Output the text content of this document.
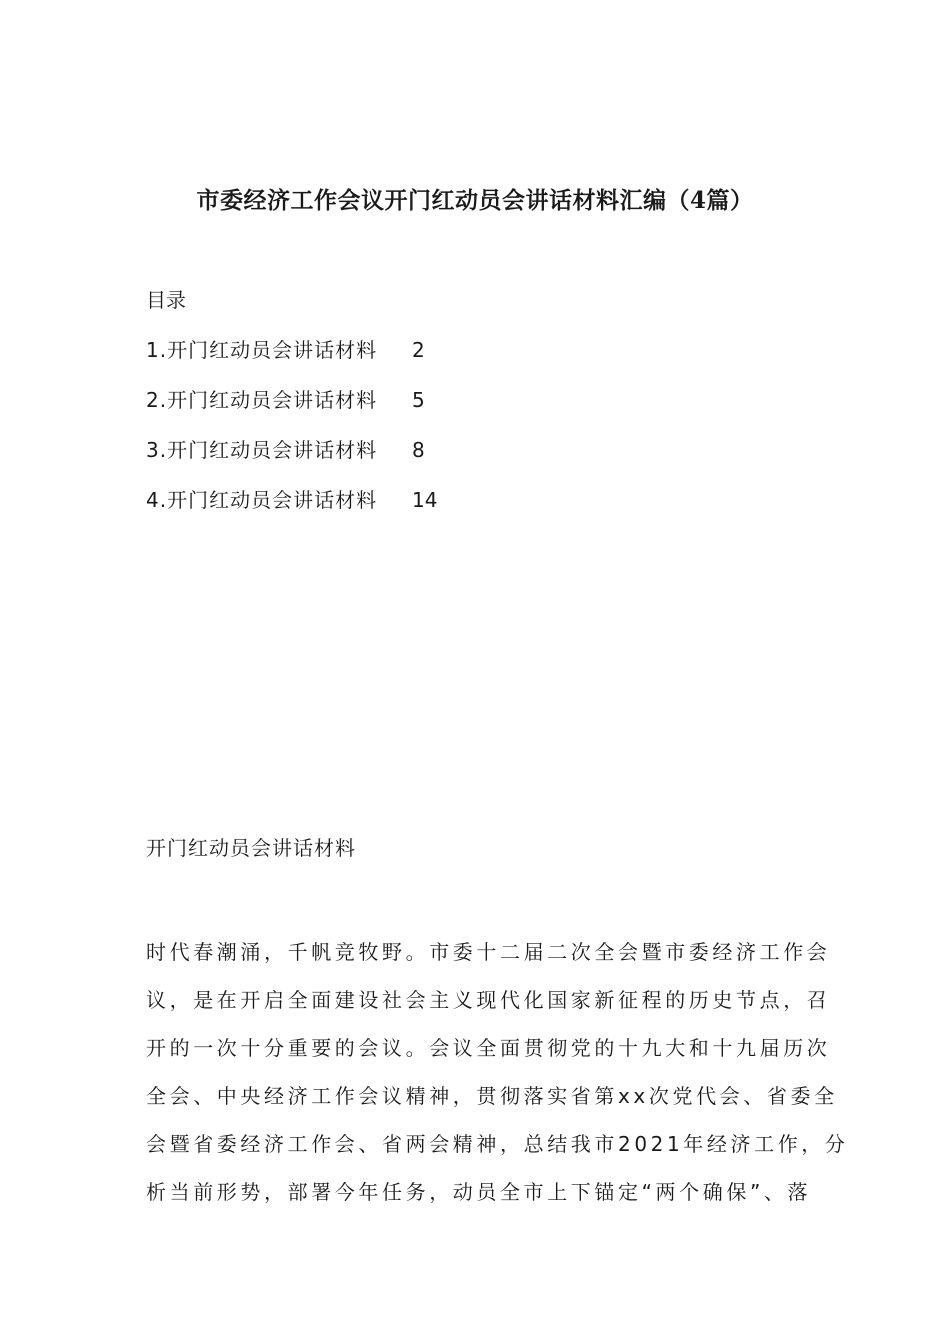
市委经济工作会议开门红动员会讲话材料汇编（4篇）
目录
1.开门红动员会讲话材料 2
2.开门红动员会讲话材料 5
3.开门红动员会讲话材料 8
4.开门红动员会讲话材料 14
开门红动员会讲话材料
时代春潮涌，千帆竞牧野。市委十二届二次全会暨市委经济工作会
议，是在开启全面建设社会主义现代化国家新征程的历史节点，召
开的一次十分重要的会议。会议全面贯彻党的十九大和十九届历次
全会、中央经济工作会议精神，贯彻落实省第xx次党代会、省委全
会暨省委经济工作会、省两会精神，总结我市2021年经济工作，分
析当前形势，部署今年任务，动员全市上下锚定“两个确保”、落
